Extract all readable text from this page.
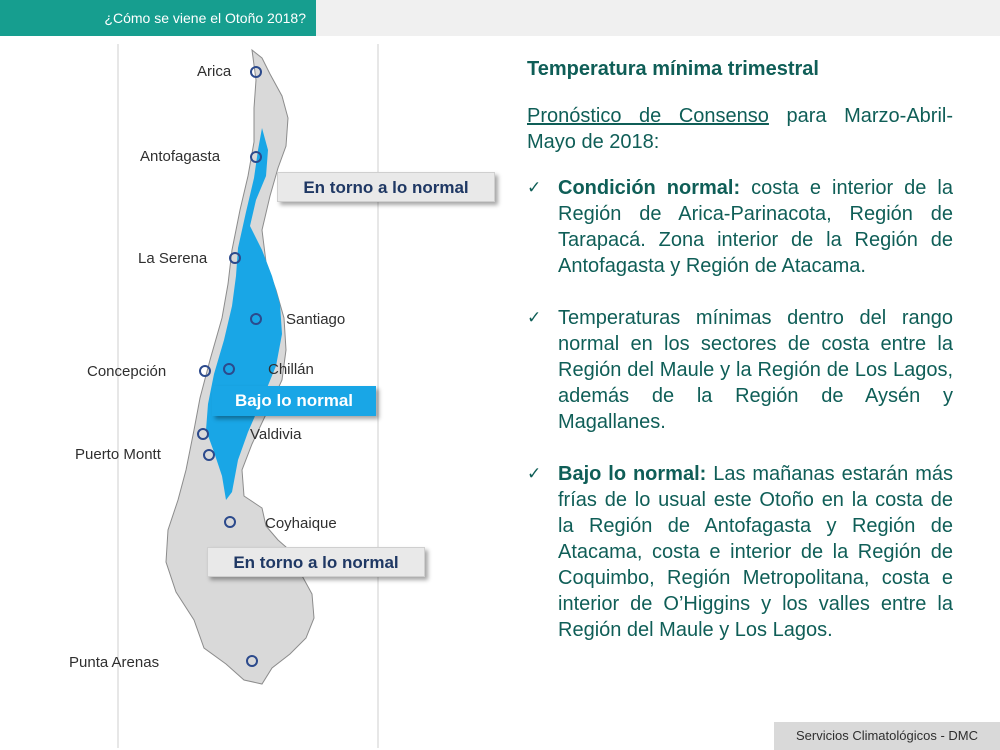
¿Cómo se viene el Otoño 2018?
Arica
Antofagasta
La Serena
Santiago
Chillán
Concepción
Valdivia
Puerto Montt
Coyhaique
Punta Arenas
En torno a lo normal
Bajo lo normal
En torno a lo normal

Temperatura mínima trimestral

Pronóstico de Consenso para Marzo-Abril-Mayo de 2018:

✓ Condición normal: costa e interior de la Región de Arica-Parinacota, Región de Tarapacá. Zona interior de la Región de Antofagasta y Región de Atacama.

✓ Temperaturas mínimas dentro del rango normal en los sectores de costa entre la Región del Maule y la Región de Los Lagos, además de la Región de Aysén y Magallanes.

✓ Bajo lo normal: Las mañanas estarán más frías de lo usual este Otoño en la costa de la Región de Antofagasta y Región de Atacama, costa e interior de la Región de Coquimbo, Región Metropolitana, costa e interior de O’Higgins y los valles entre la Región del Maule y Los Lagos.

Servicios Climatológicos - DMC
